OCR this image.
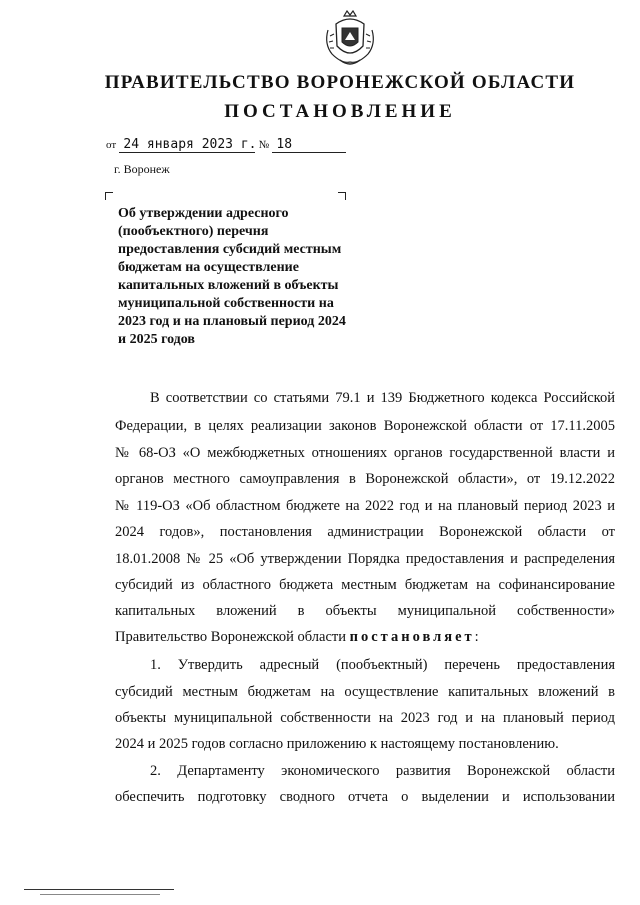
ПРАВИТЕЛЬСТВО ВОРОНЕЖСКОЙ ОБЛАСТИ
ПОСТАНОВЛЕНИЕ
от 24 января 2023 г. № 18
г. Воронеж
Об утверждении адресного
(пообъектного) перечня
предоставления субсидий местным
бюджетам на осуществление
капитальных вложений в объекты
муниципальной собственности на
2023 год и на плановый период 2024
и 2025 годов
В соответствии со статьями 79.1 и 139 Бюджетного кодекса Российской
Федерации, в целях реализации законов Воронежской области от 17.11.2005
№ 68-ОЗ «О межбюджетных отношениях органов государственной власти и
органов местного самоуправления в Воронежской области», от 19.12.2022
№ 119-ОЗ «Об областном бюджете на 2022 год и на плановый период 2023 и
2024 годов», постановления администрации Воронежской области от
18.01.2008 № 25 «Об утверждении Порядка предоставления и распределения
субсидий из областного бюджета местным бюджетам на софинансирование
капитальных вложений в объекты муниципальной собственности»
Правительство Воронежской области постановляет:
1. Утвердить адресный (пообъектный) перечень предоставления
субсидий местным бюджетам на осуществление капитальных вложений в
объекты муниципальной собственности на 2023 год и на плановый период
2024 и 2025 годов согласно приложению к настоящему постановлению.
2. Департаменту экономического развития Воронежской области
обеспечить подготовку сводного отчета о выделении и использовании
